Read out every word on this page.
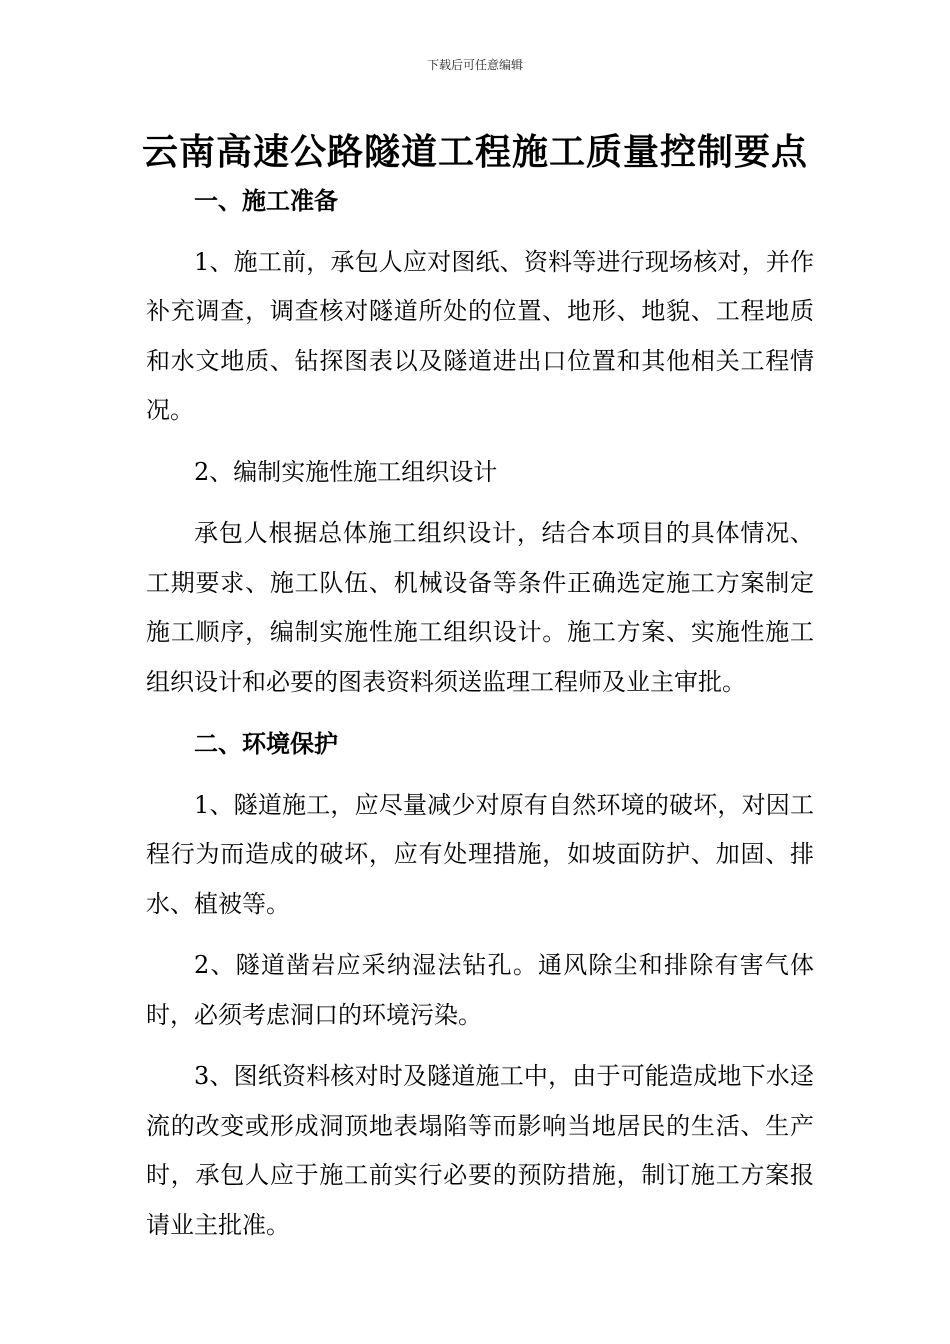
下载后可任意编辑
云南高速公路隧道工程施工质量控制要点

一、施工准备

1、施工前，承包人应对图纸、资料等进行现场核对，并作补充调查，调查核对隧道所处的位置、地形、地貌、工程地质和水文地质、钻探图表以及隧道进出口位置和其他相关工程情况。

2、编制实施性施工组织设计

承包人根据总体施工组织设计，结合本项目的具体情况、工期要求、施工队伍、机械设备等条件正确选定施工方案制定施工顺序，编制实施性施工组织设计。施工方案、实施性施工组织设计和必要的图表资料须送监理工程师及业主审批。

二、环境保护

1、隧道施工，应尽量减少对原有自然环境的破坏，对因工程行为而造成的破坏，应有处理措施，如坡面防护、加固、排水、植被等。

2、隧道凿岩应采纳湿法钻孔。通风除尘和排除有害气体时，必须考虑洞口的环境污染。

3、图纸资料核对时及隧道施工中，由于可能造成地下水迳流的改变或形成洞顶地表塌陷等而影响当地居民的生活、生产时，承包人应于施工前实行必要的预防措施，制订施工方案报请业主批准。
